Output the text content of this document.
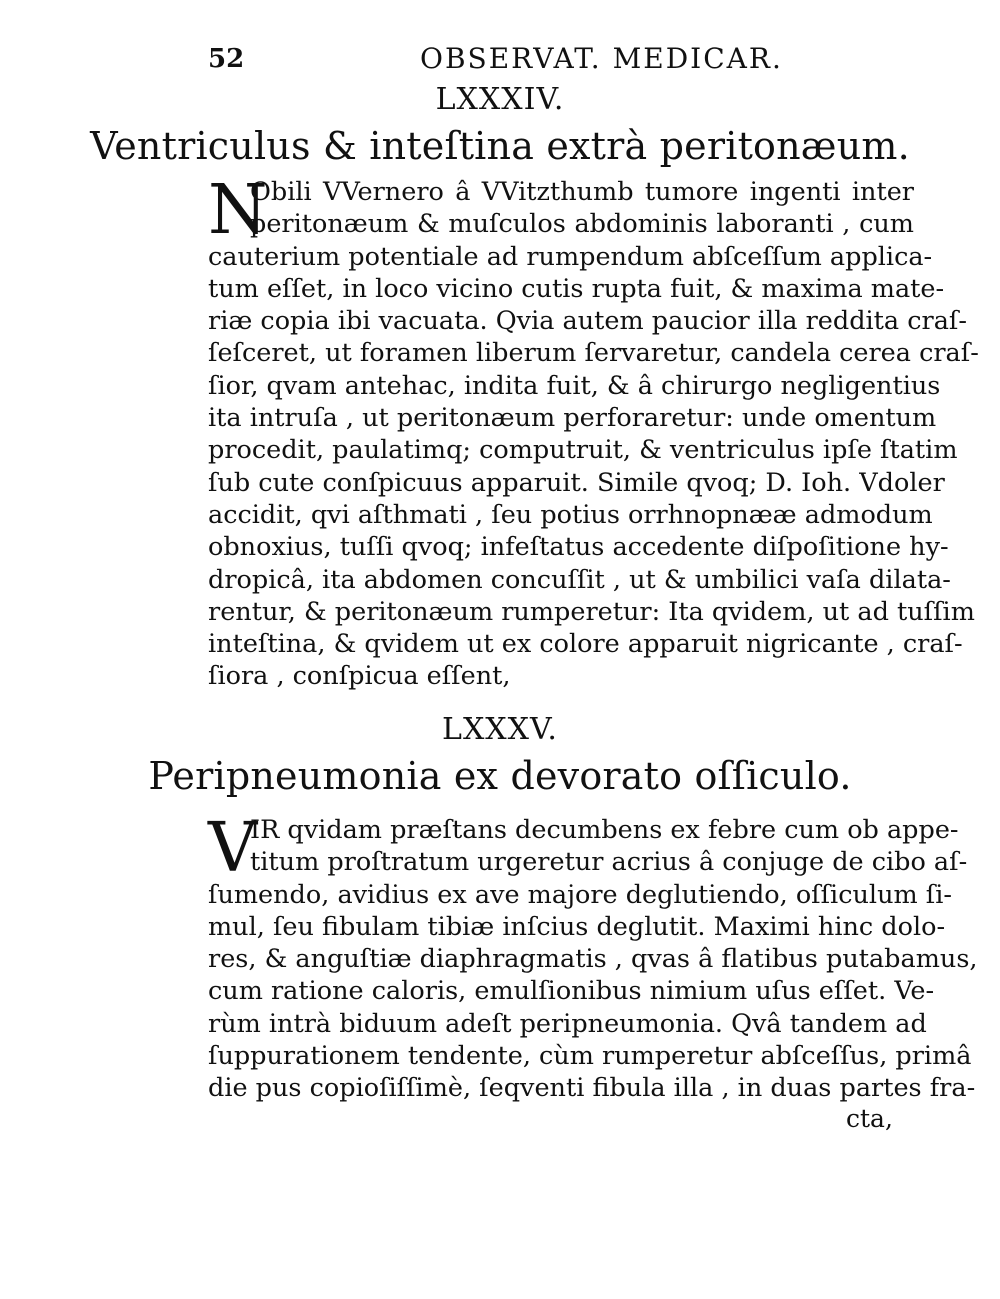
52	OBSERVAT. MEDICAR.
LXXXIV.
Ventriculus & inteſtina extrà peritonæum.
N
Obili VVernero â VVitzthumb tumore ingenti inter
peritonæum & muſculos abdominis laboranti , cum
cauterium potentiale ad rumpendum abſceſſum applica-
tum eſſet, in loco vicino cutis rupta fuit, & maxima mate-
riæ copia ibi vacuata. Qvia autem paucior illa reddita craſ-
ſeſceret, ut foramen liberum ſervaretur, candela cerea craſ-
ſior, qvam antehac, indita fuit, & â chirurgo negligentius
ita intruſa , ut peritonæum perforaretur: unde omentum
procedit, paulatimq; computruit, & ventriculus ipſe ſtatim
ſub cute conſpicuus apparuit. Simile qvoq; D. Ioh. Vdoler
accidit, qvi aſthmati , ſeu potius orrhnopnææ admodum
obnoxius, tuſſi qvoq; infeſtatus accedente diſpoſitione hy-
dropicâ, ita abdomen concuſſit , ut & umbilici vaſa dilata-
rentur, & peritonæum rumperetur: Ita qvidem, ut ad tuſſim
inteſtina, & qvidem ut ex colore apparuit nigricante , craſ-
ſiora , conſpicua eſſent,
LXXXV.
Peripneumonia ex devorato oſſiculo.
V
IR qvidam præſtans decumbens ex febre cum ob appe-
titum proſtratum urgeretur acrius â conjuge de cibo aſ-
ſumendo, avidius ex ave majore deglutiendo, oſſiculum ſi-
mul, ſeu fibulam tibiæ inſcius deglutit. Maximi hinc dolo-
res, & anguſtiæ diaphragmatis , qvas â flatibus putabamus,
cum ratione caloris, emulſionibus nimium uſus eſſet. Ve-
rùm intrà biduum adeſt peripneumonia. Qvâ tandem ad
ſuppurationem tendente, cùm rumperetur abſceſſus, primâ
die pus copioſiſſimè, ſeqventi fibula illa , in duas partes fra-
cta,
